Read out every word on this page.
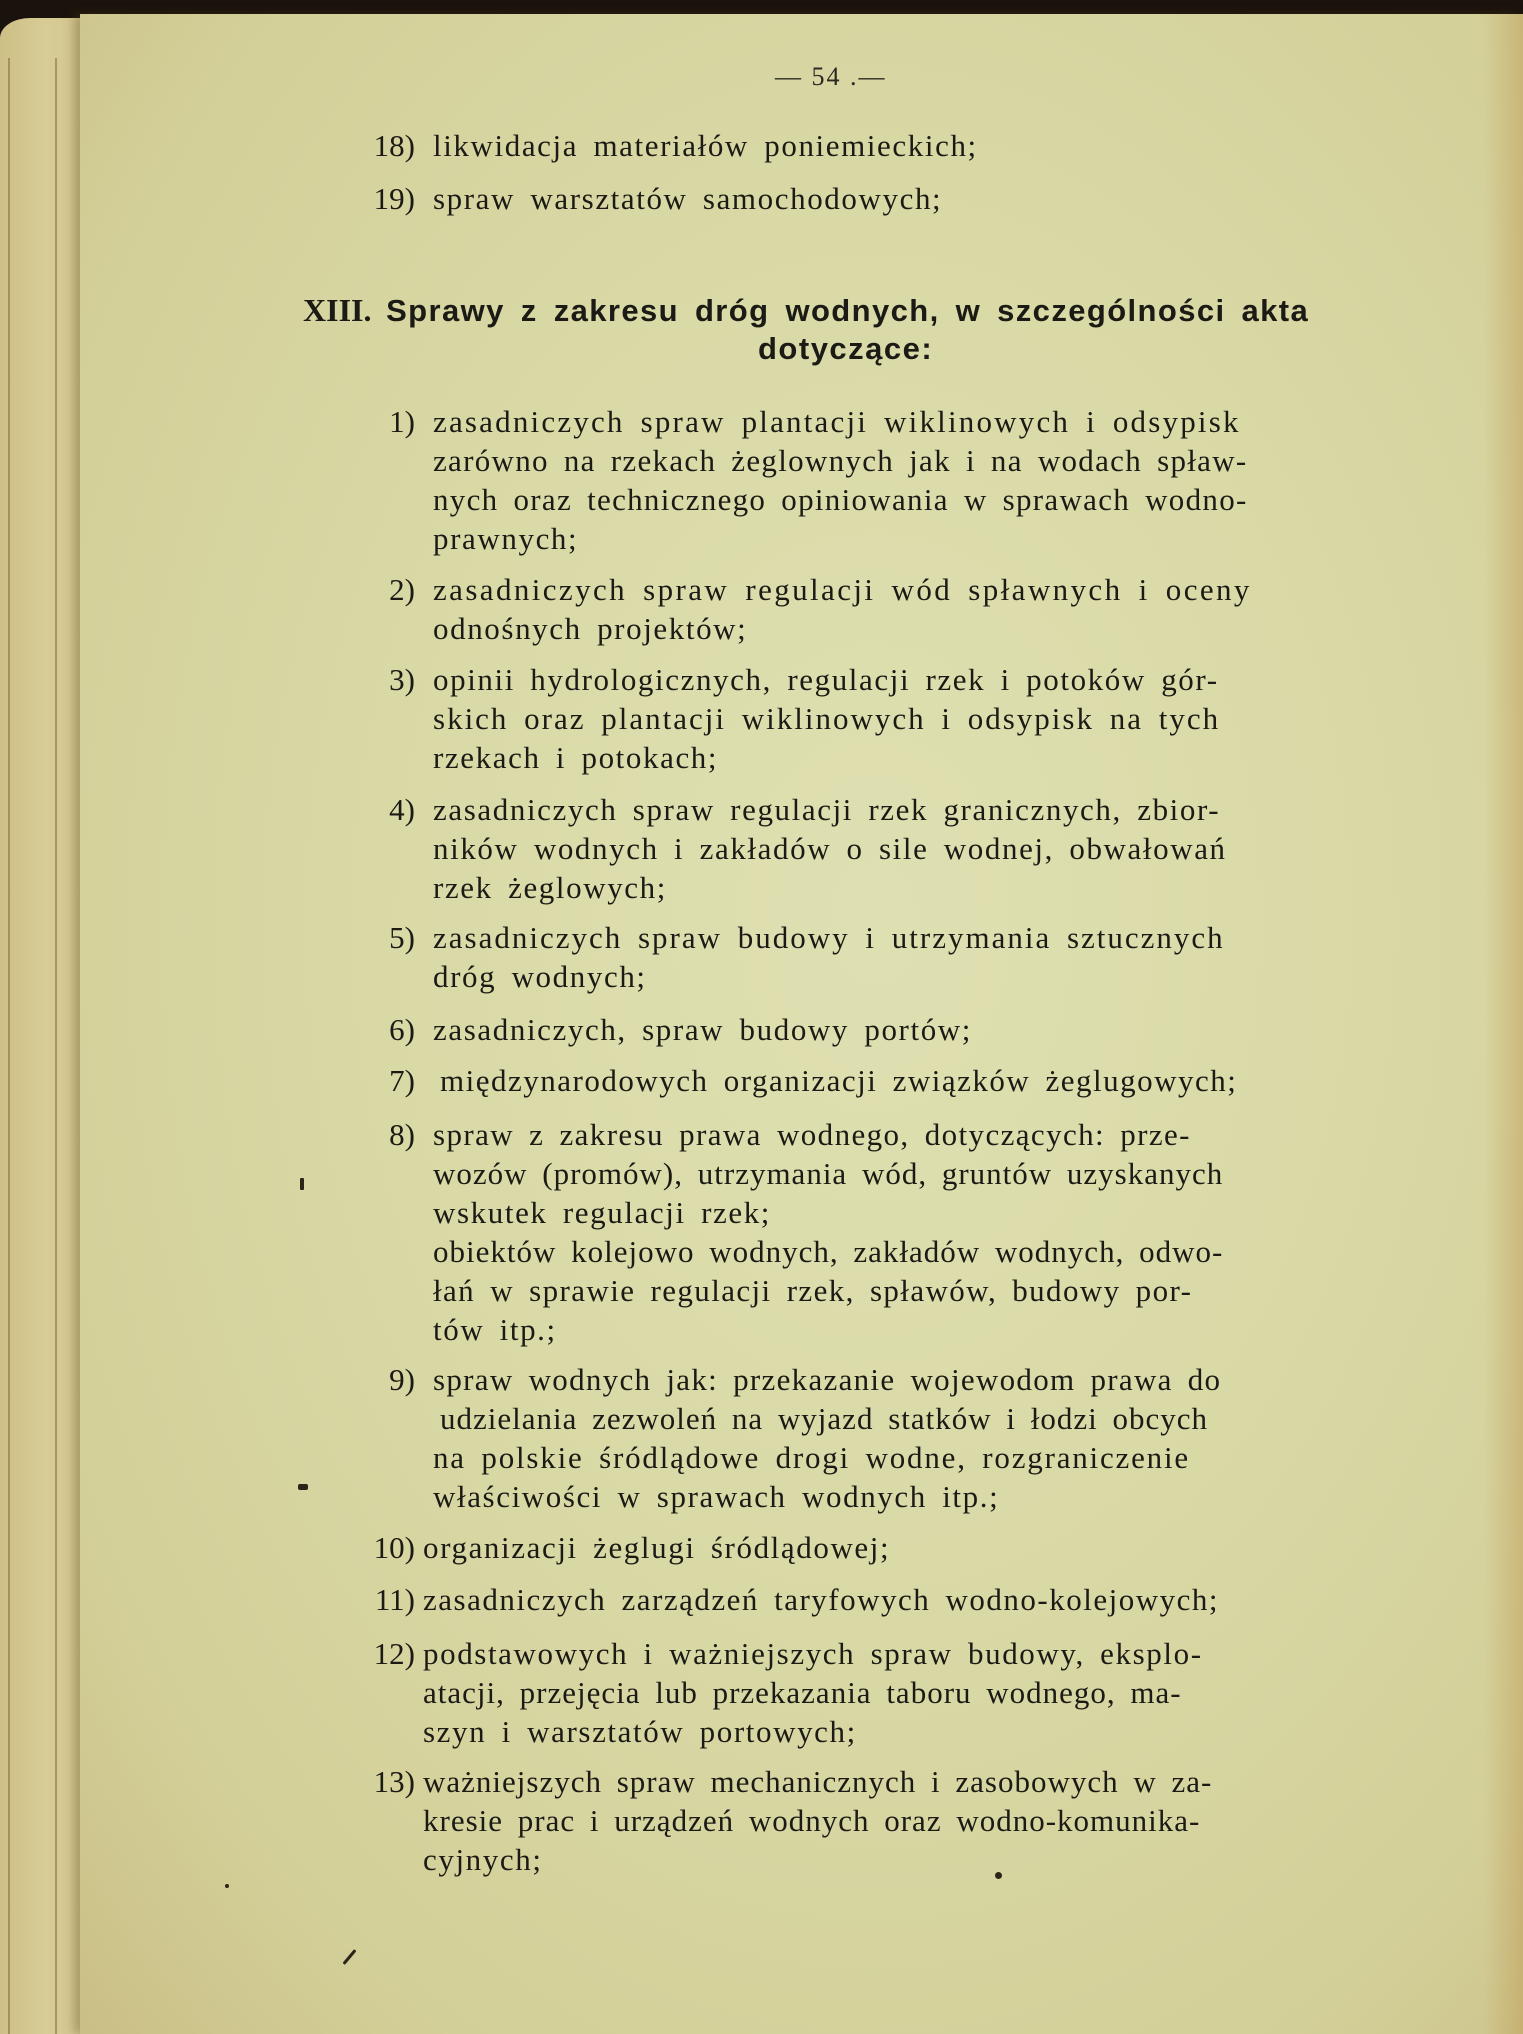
— 54 .—
18) likwidacja materiałów poniemieckich;
19) spraw warsztatów samochodowych;
XIII. Sprawy z zakresu dróg wodnych, w szczególności akta
dotyczące:
1) zasadniczych spraw plantacji wiklinowych i odsypisk
zarówno na rzekach żeglownych jak i na wodach spław-
nych oraz technicznego opiniowania w sprawach wodno-
prawnych;
2) zasadniczych spraw regulacji wód spławnych i oceny
odnośnych projektów;
3) opinii hydrologicznych, regulacji rzek i potoków gór-
skich oraz plantacji wiklinowych i odsypisk na tych
rzekach i potokach;
4) zasadniczych spraw regulacji rzek granicznych, zbior-
ników wodnych i zakładów o sile wodnej, obwałowań
rzek żeglowych;
5) zasadniczych spraw budowy i utrzymania sztucznych
dróg wodnych;
6) zasadniczych, spraw budowy portów;
7) międzynarodowych organizacji związków żeglugowych;
8) spraw z zakresu prawa wodnego, dotyczących: prze-
wozów (promów), utrzymania wód, gruntów uzyskanych
wskutek regulacji rzek;
obiektów kolejowo wodnych, zakładów wodnych, odwo-
łań w sprawie regulacji rzek, spławów, budowy por-
tów itp.;
9) spraw wodnych jak: przekazanie wojewodom prawa do
udzielania zezwoleń na wyjazd statków i łodzi obcych
na polskie śródlądowe drogi wodne, rozgraniczenie
właściwości w sprawach wodnych itp.;
10) organizacji żeglugi śródlądowej;
11) zasadniczych zarządzeń taryfowych wodno-kolejowych;
12) podstawowych i ważniejszych spraw budowy, eksplo-
atacji, przejęcia lub przekazania taboru wodnego, ma-
szyn i warsztatów portowych;
13) ważniejszych spraw mechanicznych i zasobowych w za-
kresie prac i urządzeń wodnych oraz wodno-komunika-
cyjnych;
